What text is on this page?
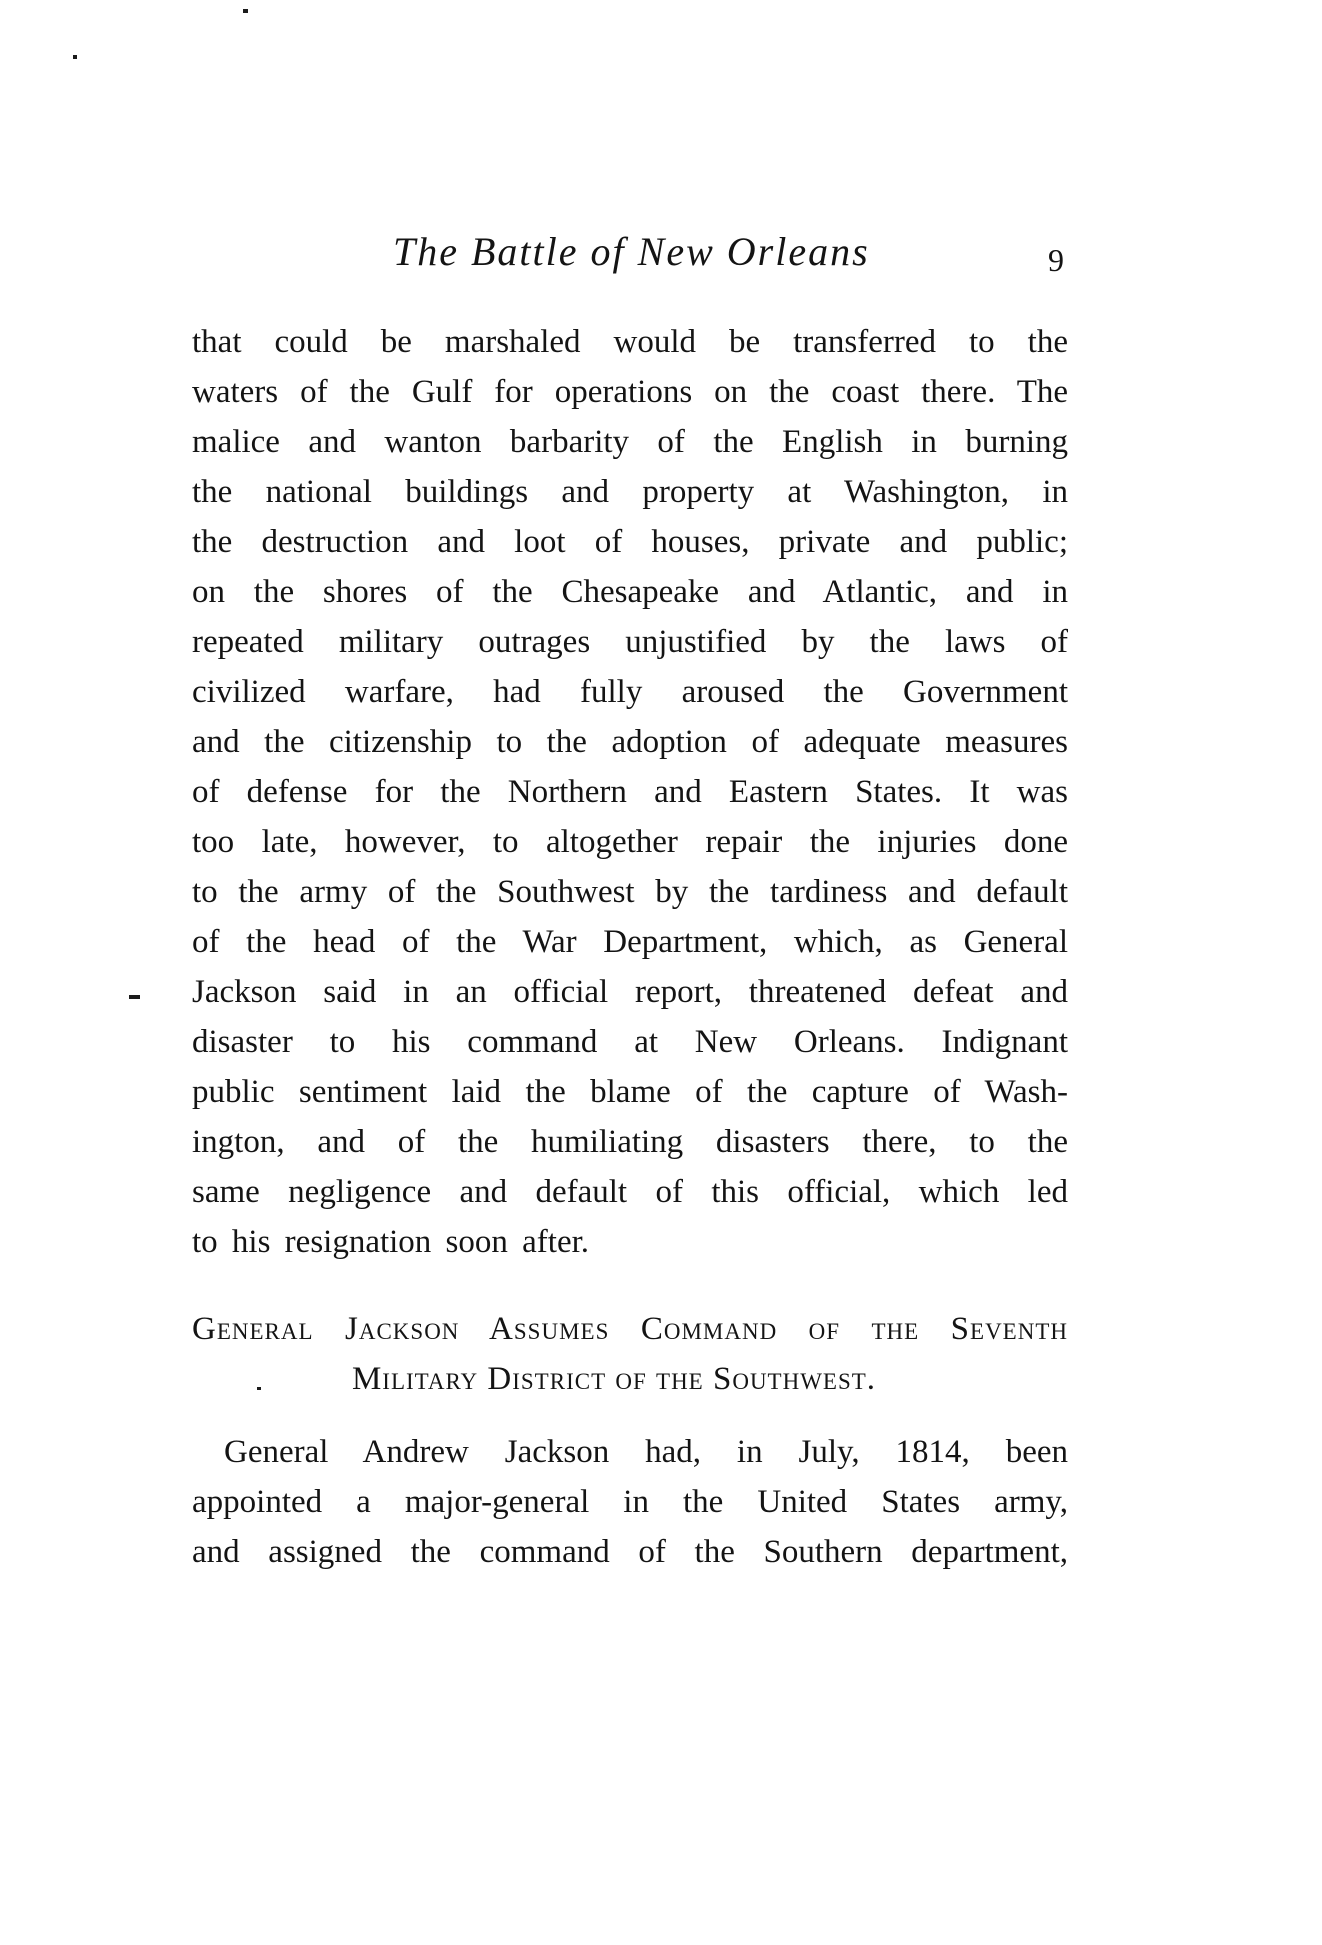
The Battle of New Orleans	9
that could be marshaled would be transferred to the
waters of the Gulf for operations on the coast there. The
malice and wanton barbarity of the English in burning
the national buildings and property at Washington, in
the destruction and loot of houses, private and public;
on the shores of the Chesapeake and Atlantic, and in
repeated military outrages unjustified by the laws of
civilized warfare, had fully aroused the Government
and the citizenship to the adoption of adequate measures
of defense for the Northern and Eastern States. It was
too late, however, to altogether repair the injuries done
to the army of the Southwest by the tardiness and default
of the head of the War Department, which, as General
Jackson said in an official report, threatened defeat and
disaster to his command at New Orleans. Indignant
public sentiment laid the blame of the capture of Wash-
ington, and of the humiliating disasters there, to the
same negligence and default of this official, which led
to his resignation soon after.
General Jackson Assumes Command of the Seventh
Military District of the Southwest.
General Andrew Jackson had, in July, 1814, been
appointed a major-general in the United States army,
and assigned the command of the Southern department,
